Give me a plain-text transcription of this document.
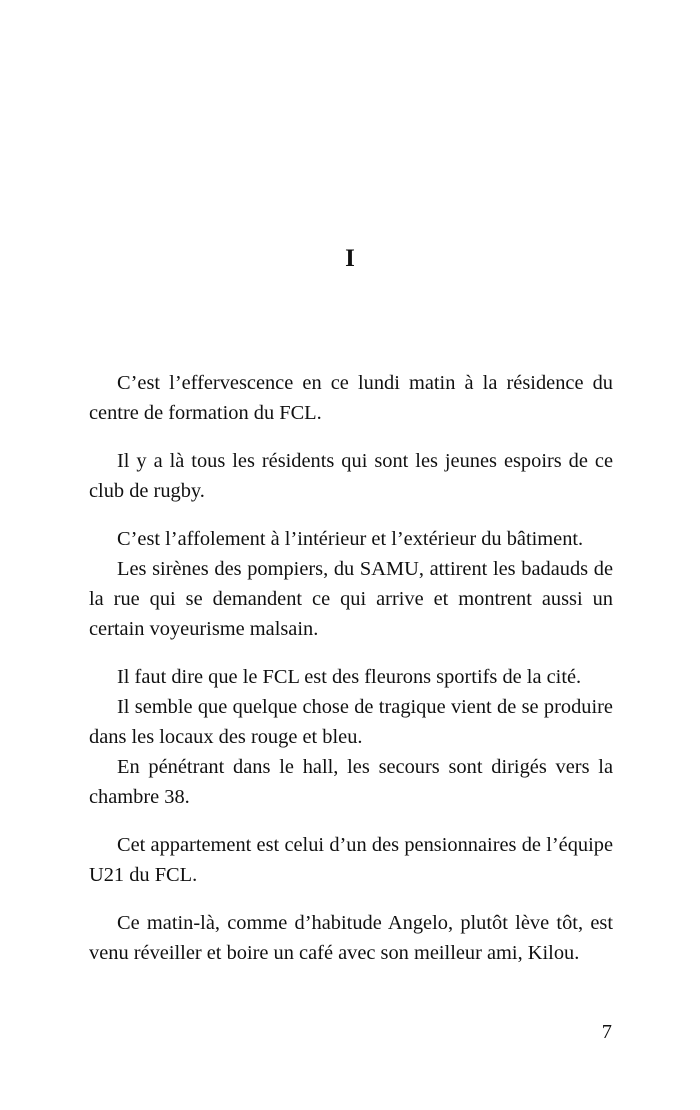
I

C’est l’effervescence en ce lundi matin à la résidence du centre de formation du FCL.

Il y a là tous les résidents qui sont les jeunes espoirs de ce club de rugby.

C’est l’affolement à l’intérieur et l’extérieur du bâtiment.

Les sirènes des pompiers, du SAMU, attirent les badauds de la rue qui se demandent ce qui arrive et montrent aussi un certain voyeurisme malsain.

Il faut dire que le FCL est des fleurons sportifs de la cité.

Il semble que quelque chose de tragique vient de se produire dans les locaux des rouge et bleu.

En pénétrant dans le hall, les secours sont dirigés vers la chambre 38.

Cet appartement est celui d’un des pensionnaires de l’équipe U21 du FCL.

Ce matin-là, comme d’habitude Angelo, plutôt lève tôt, est venu réveiller et boire un café avec son meilleur ami, Kilou.

7
